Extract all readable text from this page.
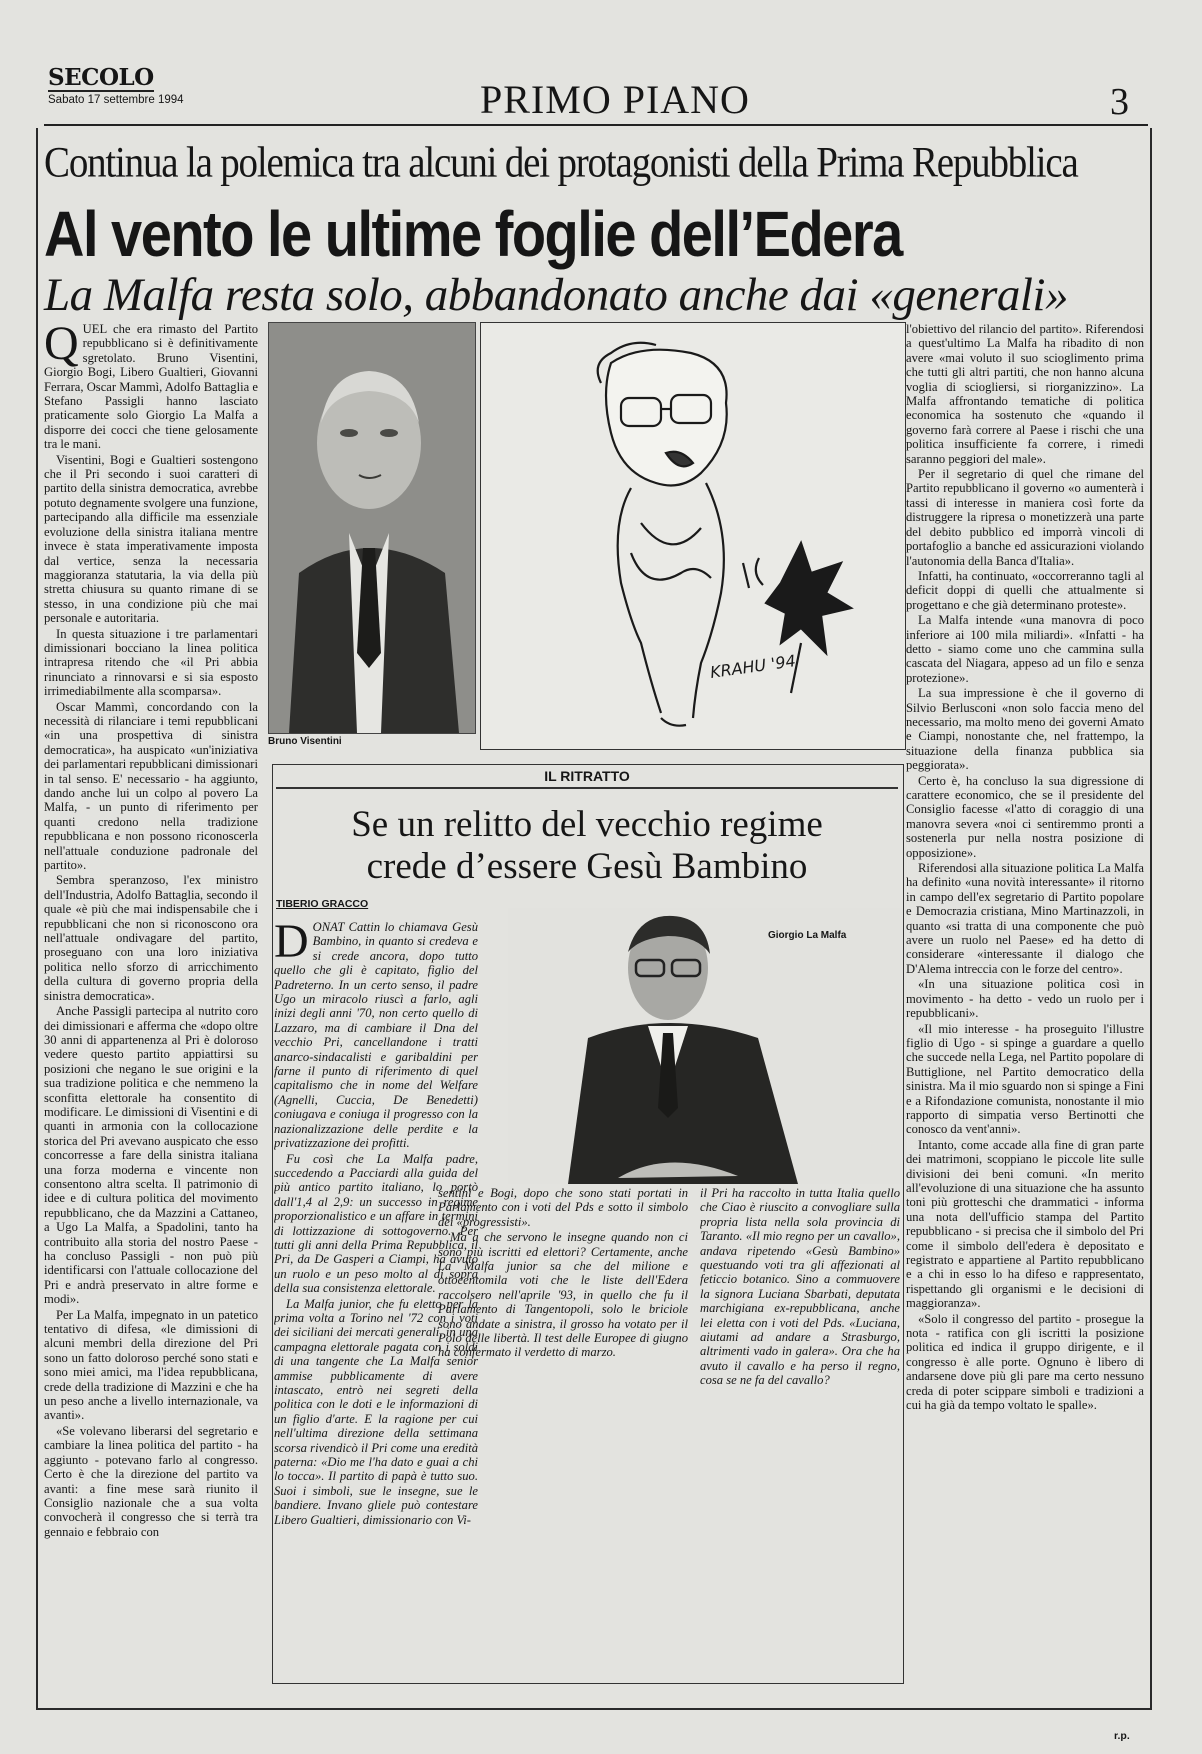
SECOLO
Sabato 17 settembre 1994	PRIMO PIANO	3
Continua la polemica tra alcuni dei protagonisti della Prima Repubblica
Al vento le ultime foglie dell’Edera
La Malfa resta solo, abbandonato anche dai «generali»
Q UEL che era rimasto del Partito repubblicano si è definitivamente sgretolato. Bruno Visentini, Giorgio Bogi, Libero Gualtieri, Giovanni Ferrara, Oscar Mammì, Adolfo Battaglia e Stefano Passigli hanno lasciato praticamente solo Giorgio La Malfa a disporre dei cocci che tiene gelosamente tra le mani.

Visentini, Bogi e Gualtieri sostengono che il Pri secondo i suoi caratteri di partito della sinistra democratica, avrebbe potuto degnamente svolgere una funzione, partecipando alla difficile ma essenziale evoluzione della sinistra italiana mentre invece è stata imperativamente imposta dal vertice, senza la necessaria maggioranza statutaria, la via della più stretta chiusura su quanto rimane di se stesso, in una condizione più che mai personale e autoritaria.

In questa situazione i tre parlamentari dimissionari bocciano la linea politica intrapresa ritendo che «il Pri abbia rinunciato a rinnovarsi e si sia esposto irrimediabilmente alla scomparsa».

Oscar Mammì, concordando con la necessità di rilanciare i temi repubblicani «in una prospettiva di sinistra democratica», ha auspicato «un'iniziativa dei parlamentari repubblicani dimissionari in tal senso. E' necessario - ha aggiunto, dando anche lui un colpo al povero La Malfa, - un punto di riferimento per quanti credono nella tradizione repubblicana e non possono riconoscerla nell'attuale conduzione padronale del partito».

Sembra speranzoso, l'ex ministro dell'Industria, Adolfo Battaglia, secondo il quale «è più che mai indispensabile che i repubblicani che non si riconoscono ora nell'attuale ondivagare del partito, proseguano con una loro iniziativa politica nello sforzo di arricchimento della cultura di governo propria della sinistra democratica».

Anche Passigli partecipa al nutrito coro dei dimissionari e afferma che «dopo oltre 30 anni di appartenenza al Pri è doloroso vedere questo partito appiattirsi su posizioni che negano le sue origini e la sua tradizione politica e che nemmeno la sconfitta elettorale ha consentito di modificare. Le dimissioni di Visentini e di quanti in armonia con la collocazione storica del Pri avevano auspicato che esso concorresse a fare della sinistra italiana una forza moderna e vincente non consentono altra scelta. Il patrimonio di idee e di cultura politica del movimento repubblicano, che da Mazzini a Cattaneo, a Ugo La Malfa, a Spadolini, tanto ha contribuito alla storia del nostro Paese - ha concluso Passigli - non può più identificarsi con l'attuale collocazione del Pri e andrà preservato in altre forme e modi».

Per La Malfa, impegnato in un patetico tentativo di difesa, «le dimissioni di alcuni membri della direzione del Pri sono un fatto doloroso perché sono stati e sono miei amici, ma l'idea repubblicana, crede della tradizione di Mazzini e che ha un peso anche a livello internazionale, va avanti».

«Se volevano liberarsi del segretario e cambiare la linea politica del partito - ha aggiunto - potevano farlo al congresso. Certo è che la direzione del partito va avanti: a fine mese sarà riunito il Consiglio nazionale che a sua volta convocherà il congresso che si terrà tra gennaio e febbraio con

Bruno Visentini
KRAHU '94
IL RITRATTO
Se un relitto del vecchio regime
crede d’essere Gesù Bambino
TIBERIO GRACCO
Giorgio La Malfa
D ONAT Cattin lo chiamava Gesù Bambino, in quanto si credeva e si crede ancora, dopo tutto quello che gli è capitato, figlio del Padreterno. In un certo senso, il padre Ugo un miracolo riuscì a farlo, agli inizi degli anni '70, non certo quello di Lazzaro, ma di cambiare il Dna del vecchio Pri, cancellandone i tratti anarco-sindacalisti e garibaldini per farne il punto di riferimento di quel capitalismo che in nome del Welfare (Agnelli, Cuccia, De Benedetti) coniugava e coniuga il progresso con la nazionalizzazione delle perdite e la privatizzazione dei profitti.

Fu così che La Malfa padre, succedendo a Pacciardi alla guida del più antico partito italiano, lo portò dall'1,4 al 2,9: un successo in regime proporzionalistico e un affare in termini di lottizzazione di sottogoverno. Per tutti gli anni della Prima Repubblica, il Pri, da De Gasperi a Ciampi, ha avuto un ruolo e un peso molto al di sopra della sua consistenza elettorale.

La Malfa junior, che fu eletto per la prima volta a Torino nel '72 con i voti dei siciliani dei mercati generali, in una campagna elettorale pagata con i soldi di una tangente che La Malfa senior ammise pubblicamente di avere intascato, entrò nei segreti della politica con le doti e le informazioni di un figlio d'arte. E la ragione per cui nell'ultima direzione della settimana scorsa rivendicò il Pri come una eredità paterna: «Dio me l'ha dato e guai a chi lo tocca». Il partito di papà è tutto suo. Suoi i simboli, sue le insegne, sue le bandiere. Invano gliele può contestare Libero Gualtieri, dimissionario con Vi-

sentini e Bogi, dopo che sono stati portati in Parlamento con i voti del Pds e sotto il simbolo dei «progressisti».

Ma a che servono le insegne quando non ci sono più iscritti ed elettori? Certamente, anche La Malfa junior sa che del milione e ottocentomila voti che le liste dell'Edera raccolsero nell'aprile '93, in quello che fu il Parlamento di Tangentopoli, solo le briciole sono andate a sinistra, il grosso ha votato per il Polo delle libertà. Il test delle Europee di giugno ha confermato il verdetto di marzo.

il Pri ha raccolto in tutta Italia quello che Ciao è riuscito a convogliare sulla propria lista nella sola provincia di Taranto. «Il mio regno per un cavallo», andava ripetendo «Gesù Bambino» questuando voti tra gli affezionati al feticcio botanico. Sino a commuovere la signora Luciana Sbarbati, deputata marchigiana ex-repubblicana, anche lei eletta con i voti del Pds. «Luciana, aiutami ad andare a Strasburgo, altrimenti vado in galera». Ora che ha avuto il cavallo e ha perso il regno, cosa se ne fa del cavallo?

l'obiettivo del rilancio del partito». Riferendosi a quest'ultimo La Malfa ha ribadito di non avere «mai voluto il suo scioglimento prima che tutti gli altri partiti, che non hanno alcuna voglia di sciogliersi, si riorganizzino». La Malfa affrontando tematiche di politica economica ha sostenuto che «quando il governo farà correre al Paese i rischi che una politica insufficiente fa correre, i rimedi saranno peggiori del male».

Per il segretario di quel che rimane del Partito repubblicano il governo «o aumenterà i tassi di interesse in maniera così forte da distruggere la ripresa o monetizzerà una parte del debito pubblico ed imporrà vincoli di portafoglio a banche ed assicurazioni violando l'autonomia della Banca d'Italia».

Infatti, ha continuato, «occorreranno tagli al deficit doppi di quelli che attualmente si progettano e che già determinano proteste».

La Malfa intende «una manovra di poco inferiore ai 100 mila miliardi». «Infatti - ha detto - siamo come uno che cammina sulla cascata del Niagara, appeso ad un filo e senza protezione».

La sua impressione è che il governo di Silvio Berlusconi «non solo faccia meno del necessario, ma molto meno dei governi Amato e Ciampi, nonostante che, nel frattempo, la situazione della finanza pubblica sia peggiorata».

Certo è, ha concluso la sua digressione di carattere economico, che se il presidente del Consiglio facesse «l'atto di coraggio di una manovra severa «noi ci sentiremmo pronti a sostenerla pur nella nostra posizione di opposizione».

Riferendosi alla situazione politica La Malfa ha definito «una novità interessante» il ritorno in campo dell'ex segretario di Partito popolare e Democrazia cristiana, Mino Martinazzoli, in quanto «si tratta di una componente che può avere un ruolo nel Paese» ed ha detto di considerare «interessante il dialogo che D'Alema intreccia con le forze del centro».

«In una situazione politica così in movimento - ha detto - vedo un ruolo per i repubblicani».

«Il mio interesse - ha proseguito l'illustre figlio di Ugo - si spinge a guardare a quello che succede nella Lega, nel Partito popolare di Buttiglione, nel Partito democratico della sinistra. Ma il mio sguardo non si spinge a Fini e a Rifondazione comunista, nonostante il mio rapporto di simpatia verso Bertinotti che conosco da vent'anni».

Intanto, come accade alla fine di gran parte dei matrimoni, scoppiano le piccole lite sulle divisioni dei beni comuni. «In merito all'evoluzione di una situazione che ha assunto toni più grotteschi che drammatici - informa una nota dell'ufficio stampa del Partito repubblicano - si precisa che il simbolo del Pri come il simbolo dell'edera è depositato e registrato e appartiene al Partito repubblicano e a chi in esso lo ha difeso e rappresentato, rispettando gli organismi e le decisioni di maggioranza».

«Solo il congresso del partito - prosegue la nota - ratifica con gli iscritti la posizione politica ed indica il gruppo dirigente, e il congresso è alle porte. Ognuno è libero di andarsene dove più gli pare ma certo nessuno creda di poter scippare simboli e tradizioni a cui ha già da tempo voltato le spalle».

r.p.
